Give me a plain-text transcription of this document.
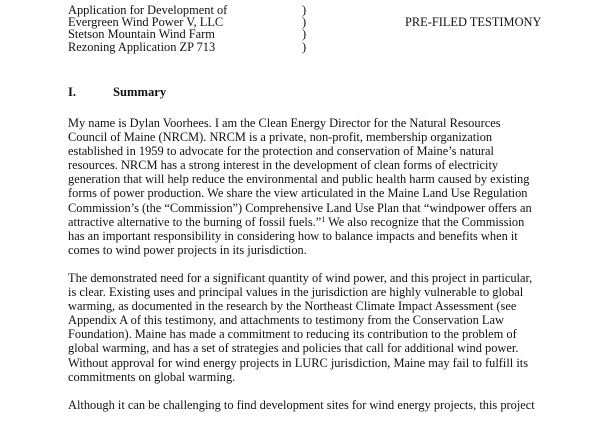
Application for Development of	)
Evergreen Wind Power V, LLC	)	PRE-FILED TESTIMONY
Stetson Mountain Wind Farm	)
Rezoning Application ZP 713	)
I.	Summary

My name is Dylan Voorhees. I am the Clean Energy Director for the Natural Resources Council of Maine (NRCM). NRCM is a private, non-profit, membership organization established in 1959 to advocate for the protection and conservation of Maine’s natural resources. NRCM has a strong interest in the development of clean forms of electricity generation that will help reduce the environmental and public health harm caused by existing forms of power production. We share the view articulated in the Maine Land Use Regulation Commission’s (the “Commission”) Comprehensive Land Use Plan that “windpower offers an attractive alternative to the burning of fossil fuels.”$^1$ We also recognize that the Commission has an important responsibility in considering how to balance impacts and benefits when it comes to wind power projects in its jurisdiction.

The demonstrated need for a significant quantity of wind power, and this project in particular, is clear. Existing uses and principal values in the jurisdiction are highly vulnerable to global warming, as documented in the research by the Northeast Climate Impact Assessment (see Appendix A of this testimony, and attachments to testimony from the Conservation Law Foundation). Maine has made a commitment to reducing its contribution to the problem of global warming, and has a set of strategies and policies that call for additional wind power. Without approval for wind energy projects in LURC jurisdiction, Maine may fail to fulfill its commitments on global warming.

Although it can be challenging to find development sites for wind energy projects, this project
